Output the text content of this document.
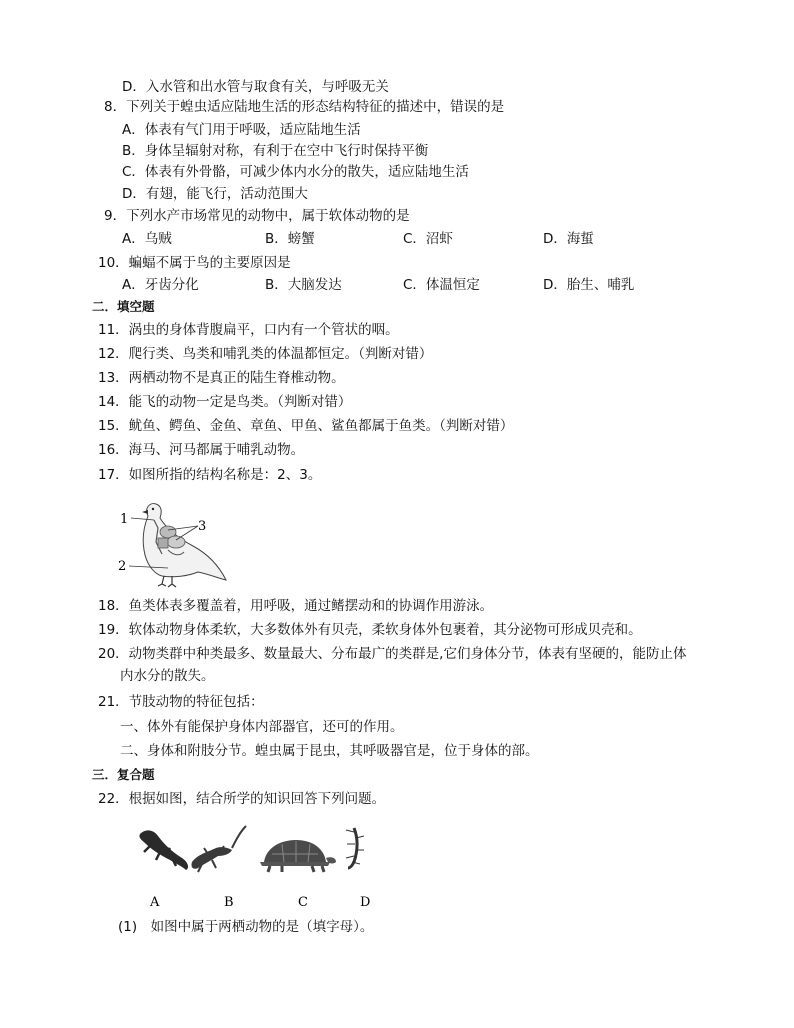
D．入水管和出水管与取食有关，与呼吸无关
8．下列关于蝗虫适应陆地生活的形态结构特征的描述中，错误的是
A．体表有气门用于呼吸，适应陆地生活
B．身体呈辐射对称，有利于在空中飞行时保持平衡
C．体表有外骨骼，可减少体内水分的散失，适应陆地生活
D．有翅，能飞行，活动范围大
9．下列水产市场常见的动物中，属于软体动物的是
A．乌贼	B．螃蟹	C．沼虾	D．海蜇
10．蝙蝠不属于鸟的主要原因是
A．牙齿分化	B．大脑发达	C．体温恒定	D．胎生、哺乳
二．填空题
11．涡虫的身体背腹扁平，口内有一个管状的咽。
12．爬行类、鸟类和哺乳类的体温都恒定。（判断对错）
13．两栖动物不是真正的陆生脊椎动物。
14．能飞的动物一定是鸟类。（判断对错）
15．鱿鱼、鳄鱼、金鱼、章鱼、甲鱼、鲨鱼都属于鱼类。（判断对错）
16．海马、河马都属于哺乳动物。
17．如图所指的结构名称是：2、3。
1
2
3
18．鱼类体表多覆盖着，用呼吸，通过鳍摆动和的协调作用游泳。
19．软体动物身体柔软，大多数体外有贝壳，柔软身体外包裹着，其分泌物可形成贝壳和。
20．动物类群中种类最多、数量最大、分布最广的类群是,它们身体分节，体表有坚硬的，能防止体
内水分的散失。
21．节肢动物的特征包括：
一、体外有能保护身体内部器官，还可的作用。
二、身体和附肢分节。蝗虫属于昆虫，其呼吸器官是，位于身体的部。
三．复合题
22．根据如图，结合所学的知识回答下列问题。
A	B	C	D
(1)　如图中属于两栖动物的是（填字母）。
